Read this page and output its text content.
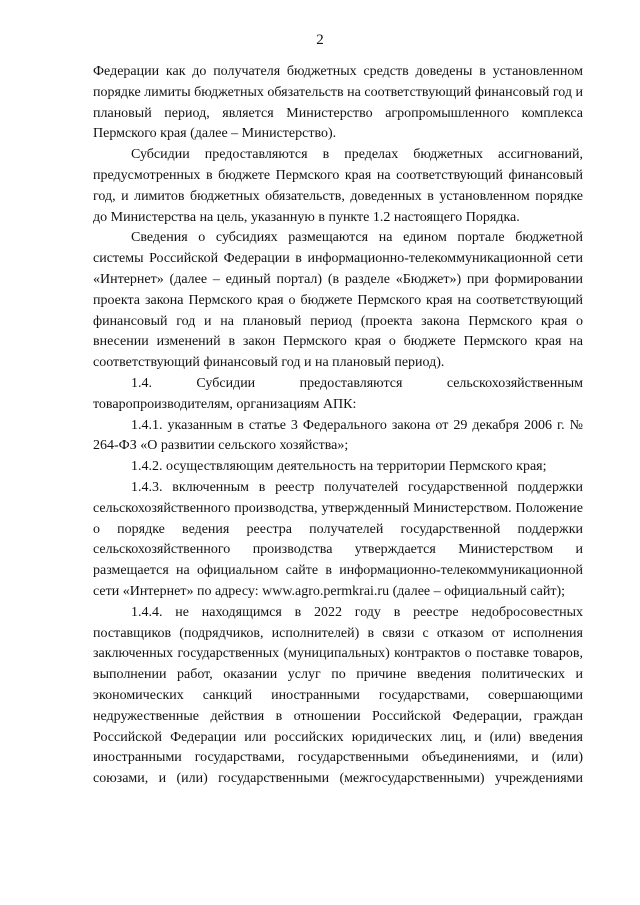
2

Федерации как до получателя бюджетных средств доведены в установленном порядке лимиты бюджетных обязательств на соответствующий финансовый год и плановый период, является Министерство агропромышленного комплекса Пермского края (далее – Министерство).

Субсидии предоставляются в пределах бюджетных ассигнований, предусмотренных в бюджете Пермского края на соответствующий финансовый год, и лимитов бюджетных обязательств, доведенных в установленном порядке до Министерства на цель, указанную в пункте 1.2 настоящего Порядка.

Сведения о субсидиях размещаются на едином портале бюджетной системы Российской Федерации в информационно-телекоммуникационной сети «Интернет» (далее – единый портал) (в разделе «Бюджет») при формировании проекта закона Пермского края о бюджете Пермского края на соответствующий финансовый год и на плановый период (проекта закона Пермского края о внесении изменений в закон Пермского края о бюджете Пермского края на соответствующий финансовый год и на плановый период).

1.4. Субсидии предоставляются сельскохозяйственным товаропроизводителям, организациям АПК:

1.4.1. указанным в статье 3 Федерального закона от 29 декабря 2006 г. № 264-ФЗ «О развитии сельского хозяйства»;

1.4.2. осуществляющим деятельность на территории Пермского края;

1.4.3. включенным в реестр получателей государственной поддержки сельскохозяйственного производства, утвержденный Министерством. Положение о порядке ведения реестра получателей государственной поддержки сельскохозяйственного производства утверждается Министерством и размещается на официальном сайте в информационно-телекоммуникационной сети «Интернет» по адресу: www.agro.permkrai.ru (далее – официальный сайт);

1.4.4. не находящимся в 2022 году в реестре недобросовестных поставщиков (подрядчиков, исполнителей) в связи с отказом от исполнения заключенных государственных (муниципальных) контрактов о поставке товаров, выполнении работ, оказании услуг по причине введения политических и экономических санкций иностранными государствами, совершающими недружественные действия в отношении Российской Федерации, граждан Российской Федерации или российских юридических лиц, и (или) введения иностранными государствами, государственными объединениями, и (или) союзами, и (или) государственными (межгосударственными) учреждениями
